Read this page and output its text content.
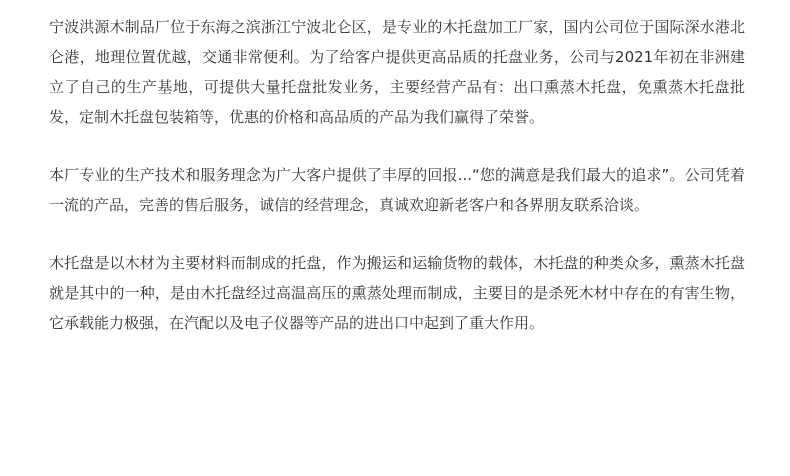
宁波洪源木制品厂位于东海之滨浙江宁波北仑区，是专业的木托盘加工厂家，国内公司位于国际深水港北仑港，地理位置优越，交通非常便利。为了给客户提供更高品质的托盘业务，公司与2021年初在非洲建立了自己的生产基地，可提供大量托盘批发业务，主要经营产品有：出口熏蒸木托盘，免熏蒸木托盘批发，定制木托盘包装箱等，优惠的价格和高品质的产品为我们赢得了荣誉。

本厂专业的生产技术和服务理念为广大客户提供了丰厚的回报...“您的满意是我们最大的追求”。公司凭着一流的产品，完善的售后服务，诚信的经营理念，真诚欢迎新老客户和各界朋友联系洽谈。

木托盘是以木材为主要材料而制成的托盘，作为搬运和运输货物的载体，木托盘的种类众多，熏蒸木托盘就是其中的一种，是由木托盘经过高温高压的熏蒸处理而制成，主要目的是杀死木材中存在的有害生物，它承载能力极强，在汽配以及电子仪器等产品的进出口中起到了重大作用。
